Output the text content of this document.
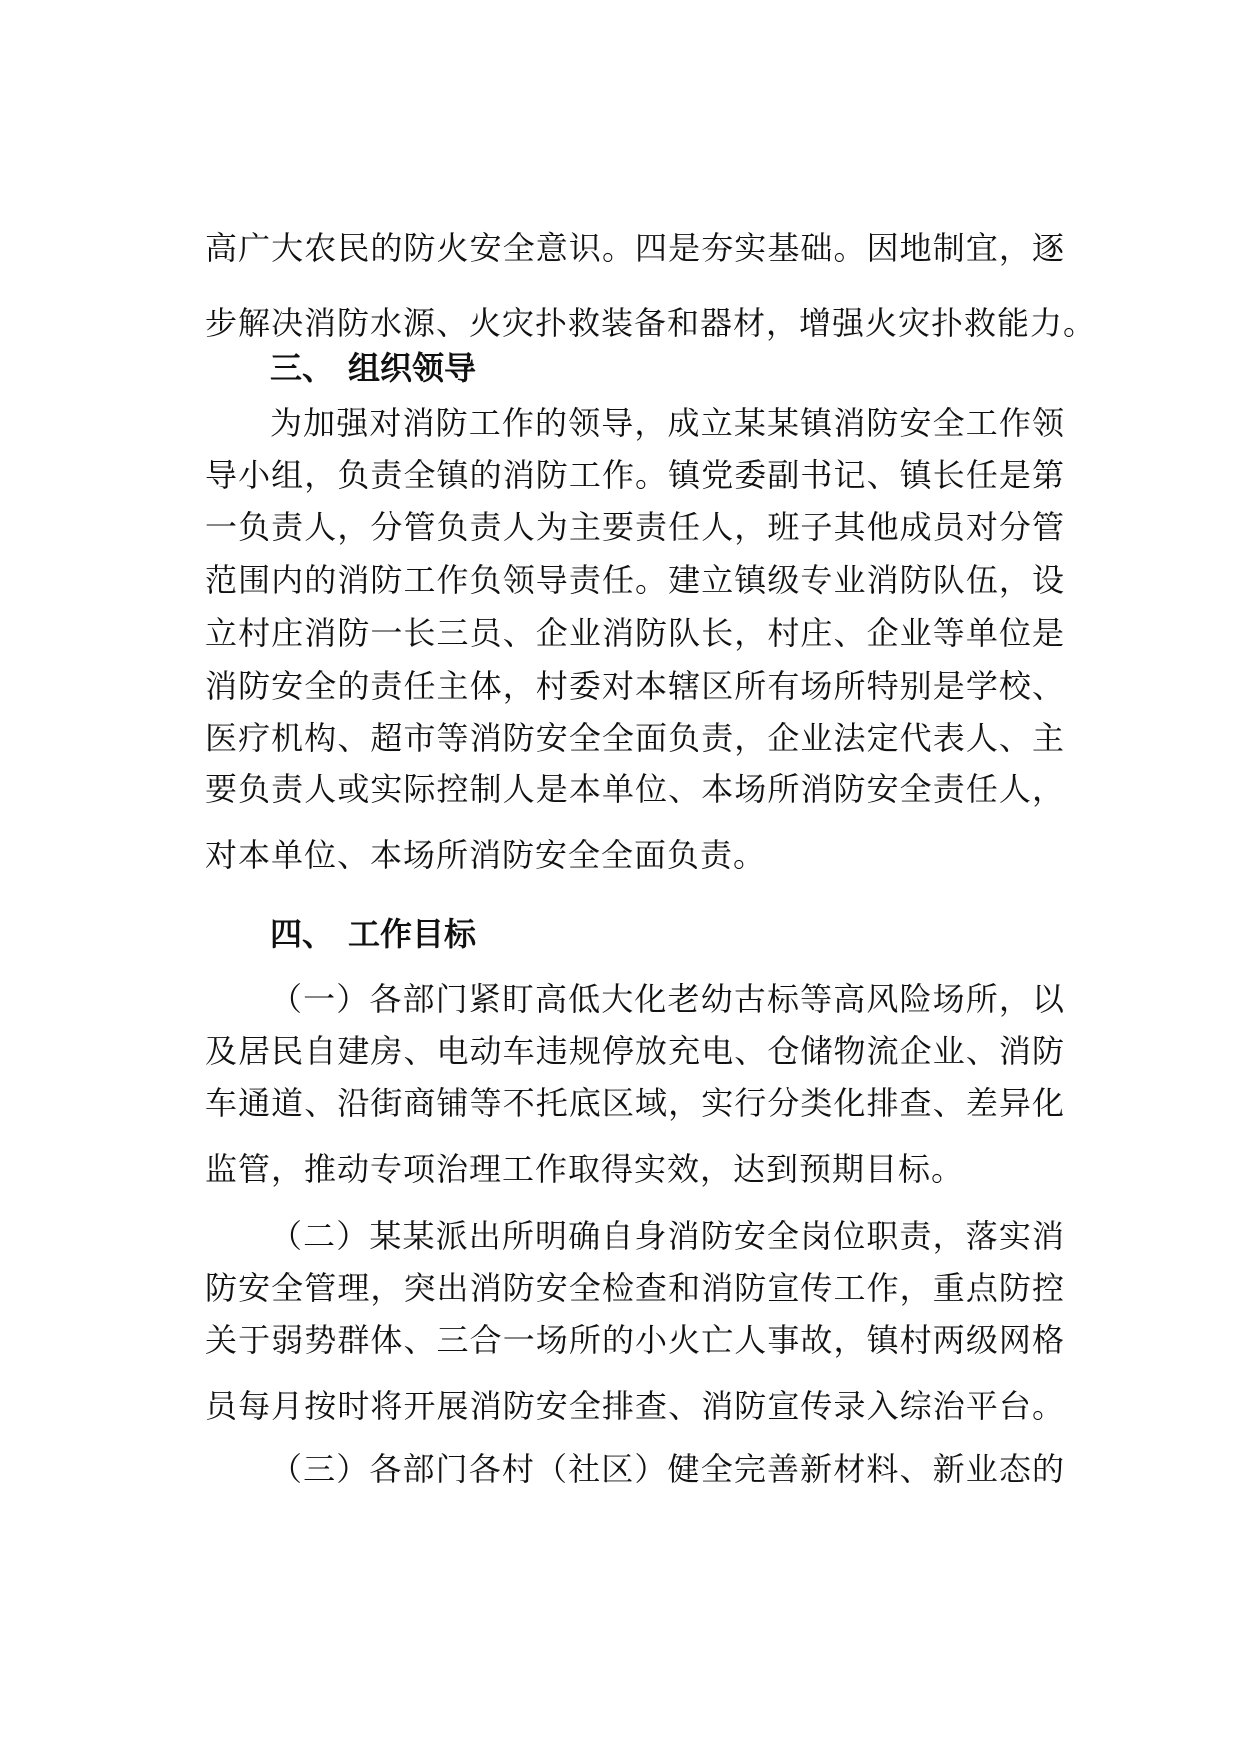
高广大农民的防火安全意识。四是夯实基础。因地制宜，逐
步解决消防水源、火灾扑救装备和器材，增强火灾扑救能力。
三、 组织领导
为加强对消防工作的领导，成立某某镇消防安全工作领
导小组，负责全镇的消防工作。镇党委副书记、镇长任是第
一负责人，分管负责人为主要责任人，班子其他成员对分管
范围内的消防工作负领导责任。建立镇级专业消防队伍，设
立村庄消防一长三员、企业消防队长，村庄、企业等单位是
消防安全的责任主体，村委对本辖区所有场所特别是学校、
医疗机构、超市等消防安全全面负责，企业法定代表人、主
要负责人或实际控制人是本单位、本场所消防安全责任人，
对本单位、本场所消防安全全面负责。
四、 工作目标
（一）各部门紧盯高低大化老幼古标等高风险场所，以
及居民自建房、电动车违规停放充电、仓储物流企业、消防
车通道、沿街商铺等不托底区域，实行分类化排查、差异化
监管，推动专项治理工作取得实效，达到预期目标。
（二）某某派出所明确自身消防安全岗位职责，落实消
防安全管理，突出消防安全检查和消防宣传工作，重点防控
关于弱势群体、三合一场所的小火亡人事故，镇村两级网格
员每月按时将开展消防安全排查、消防宣传录入综治平台。
（三）各部门各村（社区）健全完善新材料、新业态的
